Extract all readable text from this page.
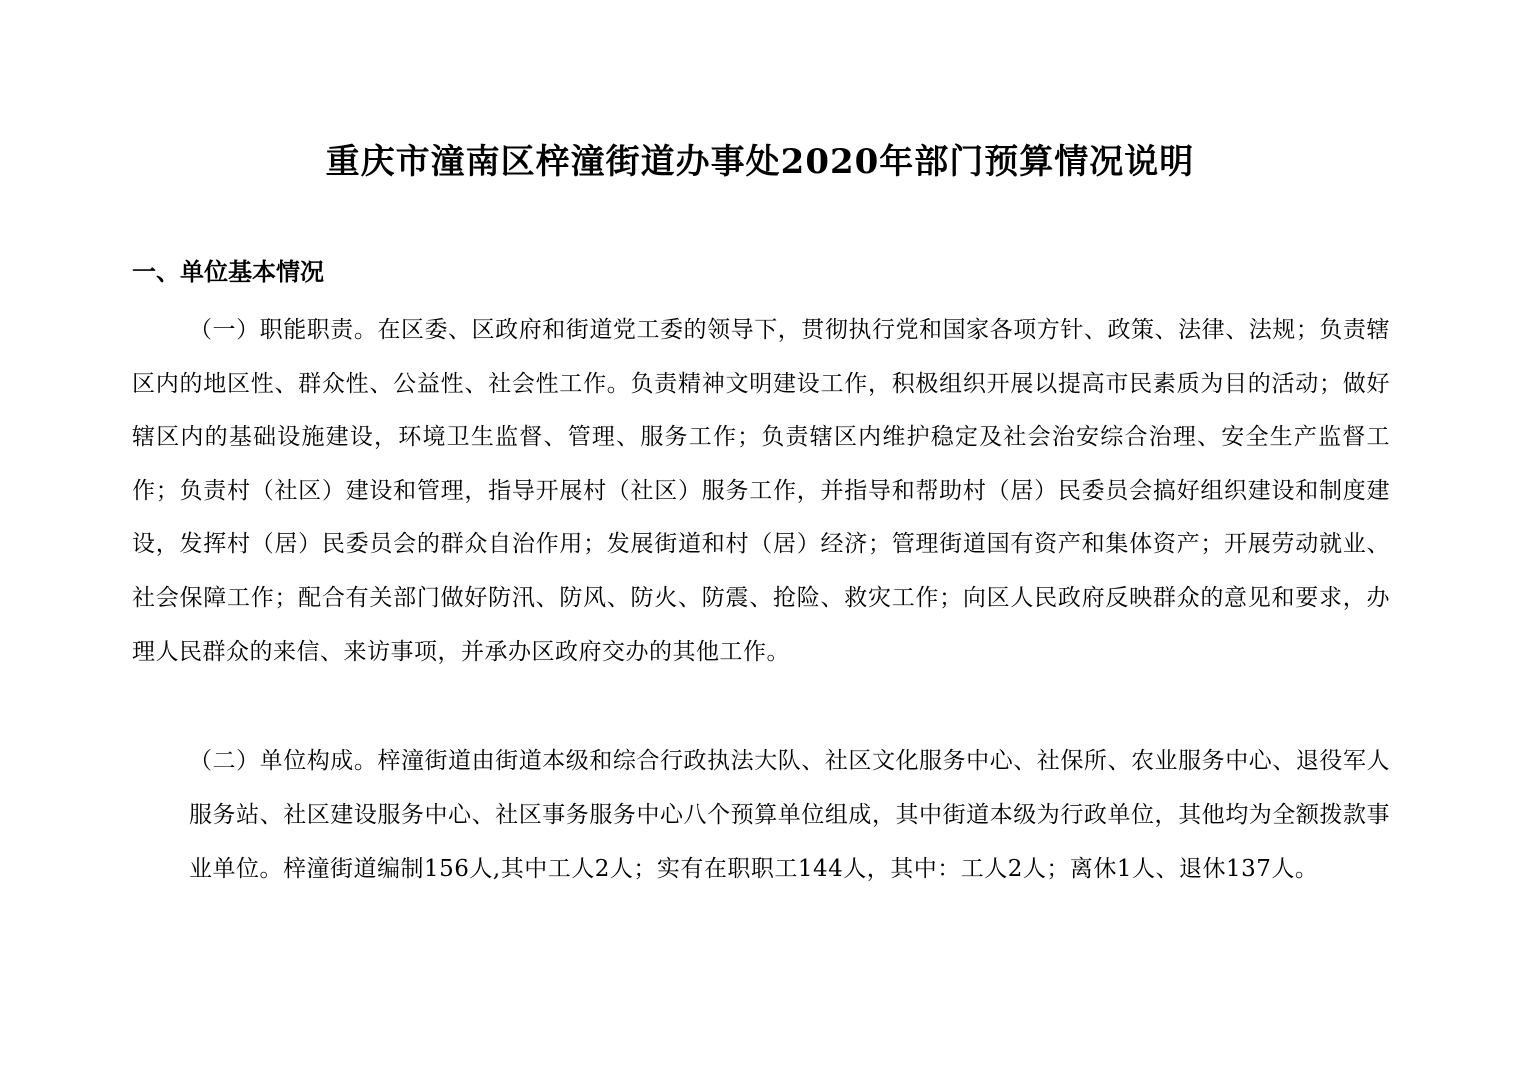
重庆市潼南区梓潼街道办事处2020年部门预算情况说明
一、单位基本情况

（一）职能职责。在区委、区政府和街道党工委的领导下，贯彻执行党和国家各项方针、政策、法律、法规；负责辖区内的地区性、群众性、公益性、社会性工作。负责精神文明建设工作，积极组织开展以提高市民素质为目的活动；做好辖区内的基础设施建设，环境卫生监督、管理、服务工作；负责辖区内维护稳定及社会治安综合治理、安全生产监督工作；负责村（社区）建设和管理，指导开展村（社区）服务工作，并指导和帮助村（居）民委员会搞好组织建设和制度建设，发挥村（居）民委员会的群众自治作用；发展街道和村（居）经济；管理街道国有资产和集体资产；开展劳动就业、社会保障工作；配合有关部门做好防汛、防风、防火、防震、抢险、救灾工作；向区人民政府反映群众的意见和要求，办理人民群众的来信、来访事项，并承办区政府交办的其他工作。

（二）单位构成。梓潼街道由街道本级和综合行政执法大队、社区文化服务中心、社保所、农业服务中心、退役军人服务站、社区建设服务中心、社区事务服务中心八个预算单位组成，其中街道本级为行政单位，其他均为全额拨款事业单位。梓潼街道编制156人,其中工人2人；实有在职职工144人，其中：工人2人；离休1人、退休137人。
